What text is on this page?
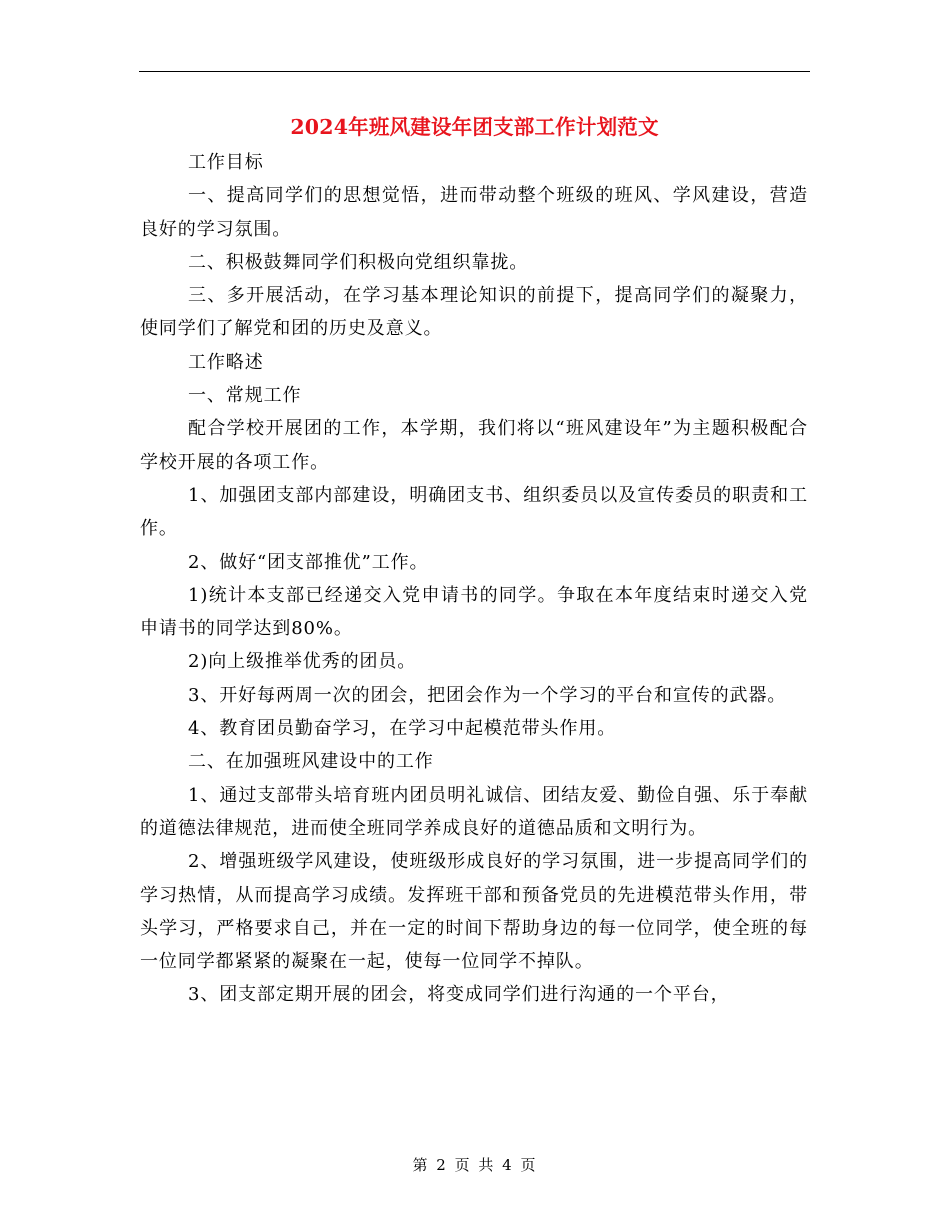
2024年班风建设年团支部工作计划范文

工作目标

一、提高同学们的思想觉悟，进而带动整个班级的班风、学风建设，营造良好的学习氛围。

二、积极鼓舞同学们积极向党组织靠拢。

三、多开展活动，在学习基本理论知识的前提下，提高同学们的凝聚力，使同学们了解党和团的历史及意义。

工作略述

一、常规工作

配合学校开展团的工作，本学期，我们将以“班风建设年”为主题积极配合学校开展的各项工作。

1、加强团支部内部建设，明确团支书、组织委员以及宣传委员的职责和工作。

2、做好“团支部推优”工作。

1)统计本支部已经递交入党申请书的同学。争取在本年度结束时递交入党申请书的同学达到80%。

2)向上级推举优秀的团员。

3、开好每两周一次的团会，把团会作为一个学习的平台和宣传的武器。

4、教育团员勤奋学习，在学习中起模范带头作用。

二、在加强班风建设中的工作

1、通过支部带头培育班内团员明礼诚信、团结友爱、勤俭自强、乐于奉献的道德法律规范，进而使全班同学养成良好的道德品质和文明行为。

2、增强班级学风建设，使班级形成良好的学习氛围，进一步提高同学们的学习热情，从而提高学习成绩。发挥班干部和预备党员的先进模范带头作用，带头学习，严格要求自己，并在一定的时间下帮助身边的每一位同学，使全班的每一位同学都紧紧的凝聚在一起，使每一位同学不掉队。

3、团支部定期开展的团会，将变成同学们进行沟通的一个平台，

第 2 页 共 4 页
